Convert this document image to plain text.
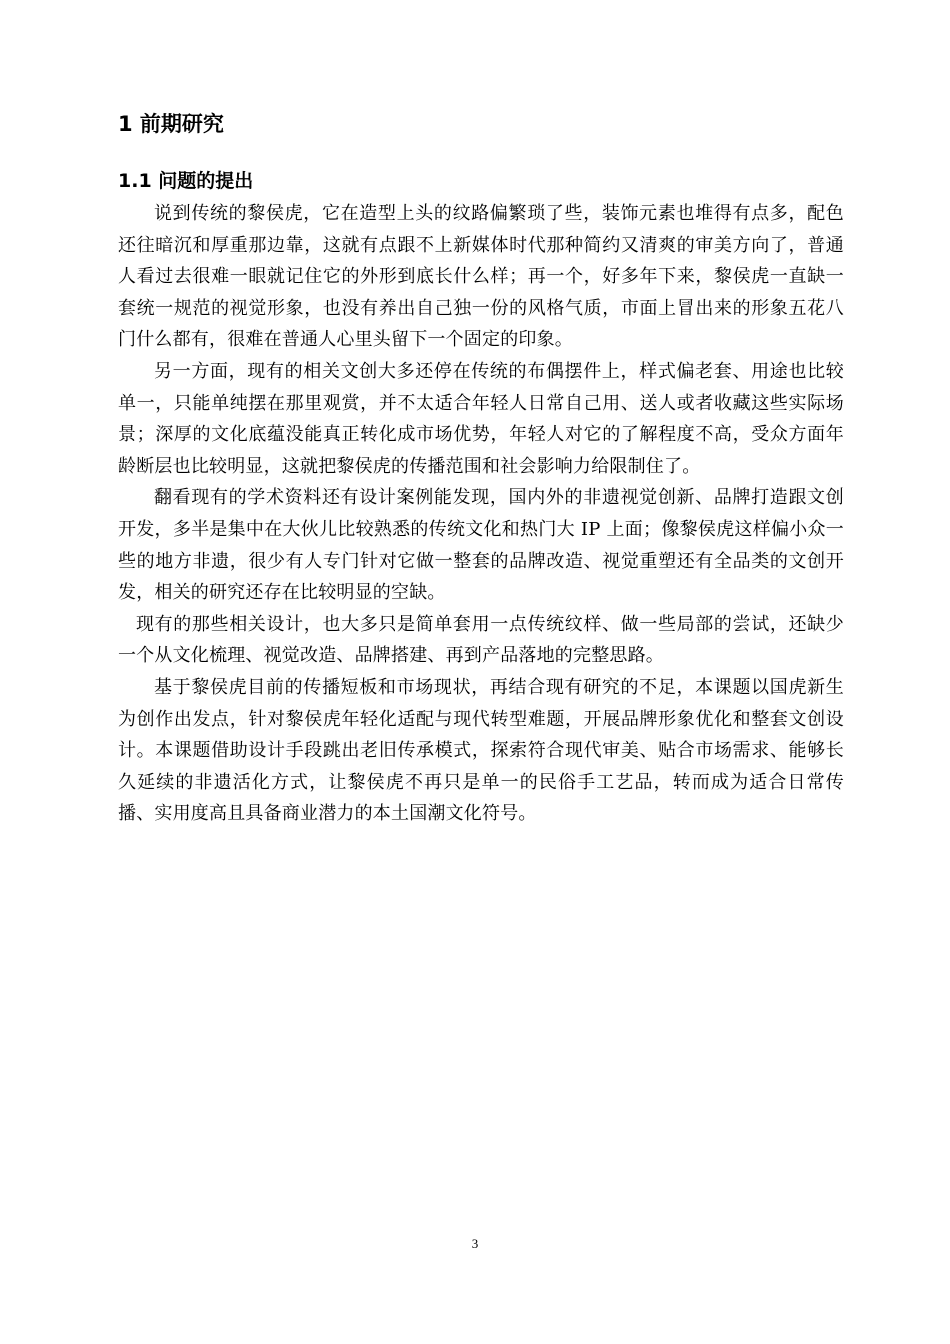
1 前期研究
1.1 问题的提出

说到传统的黎侯虎，它在造型上头的纹路偏繁琐了些，装饰元素也堆得有点多，配色还往暗沉和厚重那边靠，这就有点跟不上新媒体时代那种简约又清爽的审美方向了，普通人看过去很难一眼就记住它的外形到底长什么样；再一个，好多年下来，黎侯虎一直缺一套统一规范的视觉形象，也没有养出自己独一份的风格气质，市面上冒出来的形象五花八门什么都有，很难在普通人心里头留下一个固定的印象。

另一方面，现有的相关文创大多还停在传统的布偶摆件上，样式偏老套、用途也比较单一，只能单纯摆在那里观赏，并不太适合年轻人日常自己用、送人或者收藏这些实际场景；深厚的文化底蕴没能真正转化成市场优势，年轻人对它的了解程度不高，受众方面年龄断层也比较明显，这就把黎侯虎的传播范围和社会影响力给限制住了。

翻看现有的学术资料还有设计案例能发现，国内外的非遗视觉创新、品牌打造跟文创开发，多半是集中在大伙儿比较熟悉的传统文化和热门大 IP 上面；像黎侯虎这样偏小众一些的地方非遗，很少有人专门针对它做一整套的品牌改造、视觉重塑还有全品类的文创开发，相关的研究还存在比较明显的空缺。

现有的那些相关设计，也大多只是简单套用一点传统纹样、做一些局部的尝试，还缺少一个从文化梳理、视觉改造、品牌搭建、再到产品落地的完整思路。

基于黎侯虎目前的传播短板和市场现状，再结合现有研究的不足，本课题以国虎新生为创作出发点，针对黎侯虎年轻化适配与现代转型难题，开展品牌形象优化和整套文创设计。本课题借助设计手段跳出老旧传承模式，探索符合现代审美、贴合市场需求、能够长久延续的非遗活化方式，让黎侯虎不再只是单一的民俗手工艺品，转而成为适合日常传播、实用度高且具备商业潜力的本土国潮文化符号。

3
